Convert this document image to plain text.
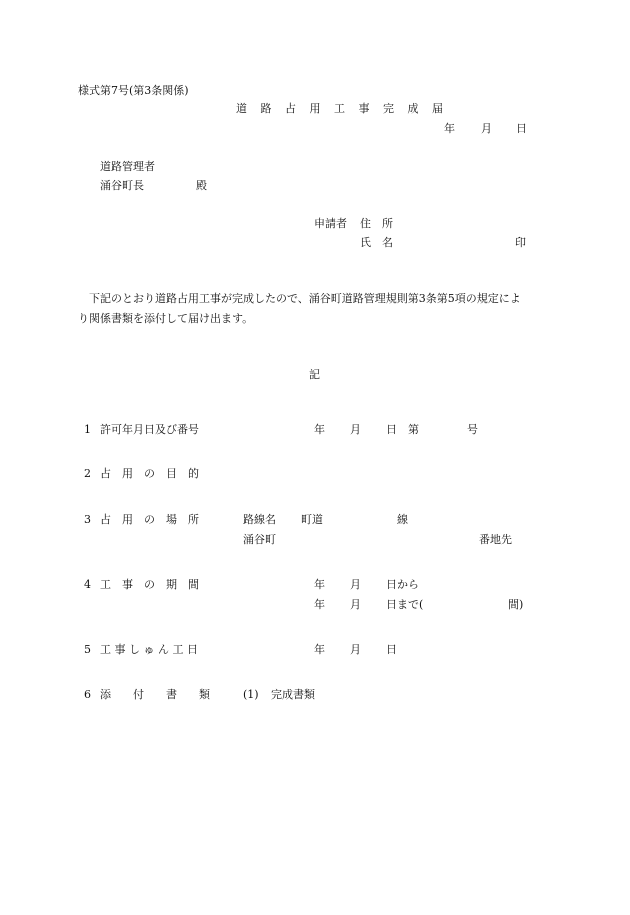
様式第7号(第3条関係)
道 路 占 用 工 事 完 成 届
年 月 日
道路管理者
涌谷町長	殿
申請者 住　所
氏　名	印
下記のとおり道路占用工事が完成したので、涌谷町道路管理規則第3条第5項の規定によ
り関係書類を添付して届け出ます。
記
1 許可年月日及び番号	年 月 日 第	号
2 占　用　の　目　的
3 占　用　の　場　所	路線名 町道	線
涌谷町	番地先
4 工　事　の　期　間	年 月 日から
年 月 日まで(	間)
5 工 事 し ゅ ん 工 日	年 月 日
6 添　　付　　書　　類	(1) 完成書類
